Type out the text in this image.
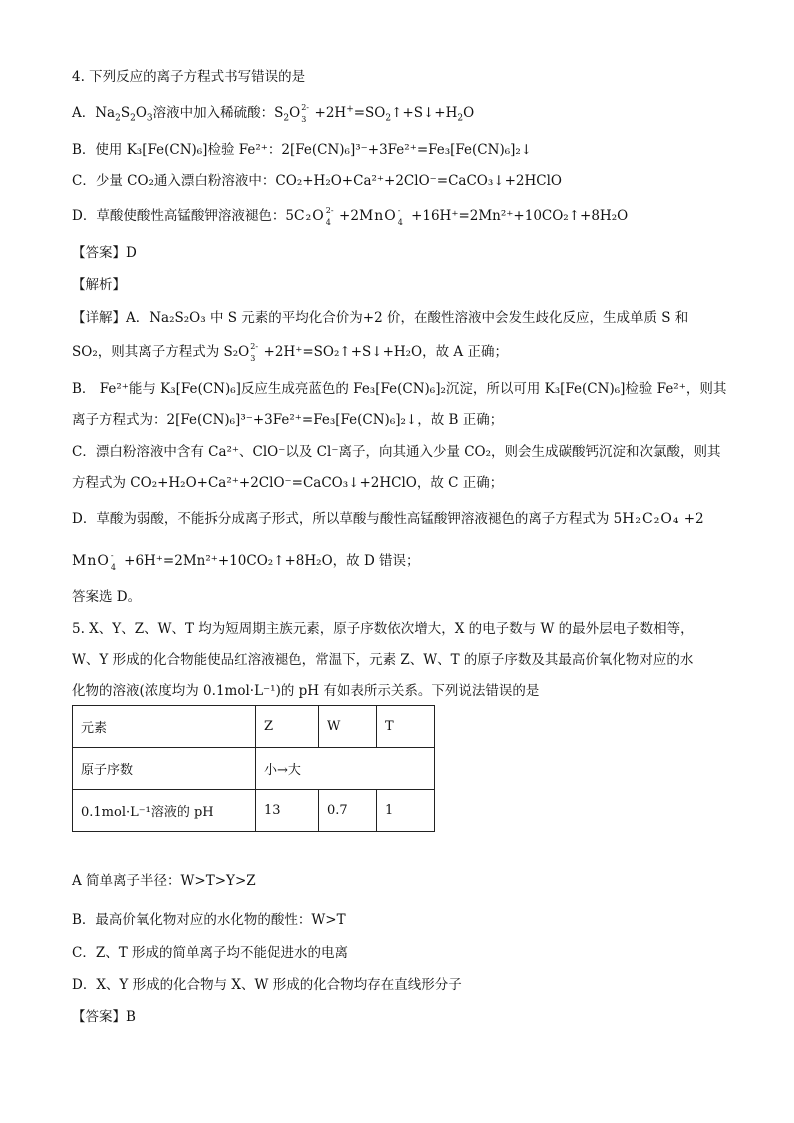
4. 下列反应的离子方程式书写错误的是
A．$Na_2S_2O_3$溶液中加入稀硫酸：$S_2O$ 2-
$3 +2H^+=SO_2↑+S↓+H_2O$
B．使用 K₃[Fe(CN)₆]检验 Fe²⁺：2[Fe(CN)₆]³⁻+3Fe²⁺=Fe₃[Fe(CN)₆]₂↓
C．少量 CO₂通入漂白粉溶液中：CO₂+H₂O+Ca²⁺+2ClO⁻=CaCO₃↓+2HClO
D．草酸使酸性高锰酸钾溶液褪色：5C₂O 2-
4 +2MnO -
4 +16H⁺=2Mn²⁺+10CO₂↑+8H₂O
【答案】D
【解析】
【详解】A．Na₂S₂O₃ 中 S 元素的平均化合价为+2 价，在酸性溶液中会发生歧化反应，生成单质 S 和
SO₂，则其离子方程式为 S₂O 2-
3 +2H⁺=SO₂↑+S↓+H₂O，故 A 正确；
B． Fe²⁺能与 K₃[Fe(CN)₆]反应生成亮蓝色的 Fe₃[Fe(CN)₆]₂沉淀，所以可用 K₃[Fe(CN)₆]检验 Fe²⁺，则其
离子方程式为：2[Fe(CN)₆]³⁻+3Fe²⁺=Fe₃[Fe(CN)₆]₂↓，故 B 正确；
C．漂白粉溶液中含有 Ca²⁺、ClO⁻以及 Cl⁻离子，向其通入少量 CO₂，则会生成碳酸钙沉淀和次氯酸，则其
方程式为 CO₂+H₂O+Ca²⁺+2ClO⁻=CaCO₃↓+2HClO，故 C 正确；
D．草酸为弱酸，不能拆分成离子形式，所以草酸与酸性高锰酸钾溶液褪色的离子方程式为 5H₂C₂O₄ +2
MnO -
4 +6H⁺=2Mn²⁺+10CO₂↑+8H₂O，故 D 错误；
答案选 D。
5. X、Y、Z、W、T 均为短周期主族元素，原子序数依次增大，X 的电子数与 W 的最外层电子数相等，
W、Y 形成的化合物能使品红溶液褪色，常温下，元素 Z、W、T 的原子序数及其最高价氧化物对应的水
化物的溶液(浓度均为 0.1mol·L⁻¹)的 pH 有如表所示关系。下列说法错误的是
元素	Z	W	T
原子序数	小→大		
0.1mol·L⁻¹溶液的 pH	13	0.7	1
A 简单离子半径：W>T>Y>Z
B．最高价氧化物对应的水化物的酸性：W>T
C．Z、T 形成的简单离子均不能促进水的电离
D．X、Y 形成的化合物与 X、W 形成的化合物均存在直线形分子
【答案】B
